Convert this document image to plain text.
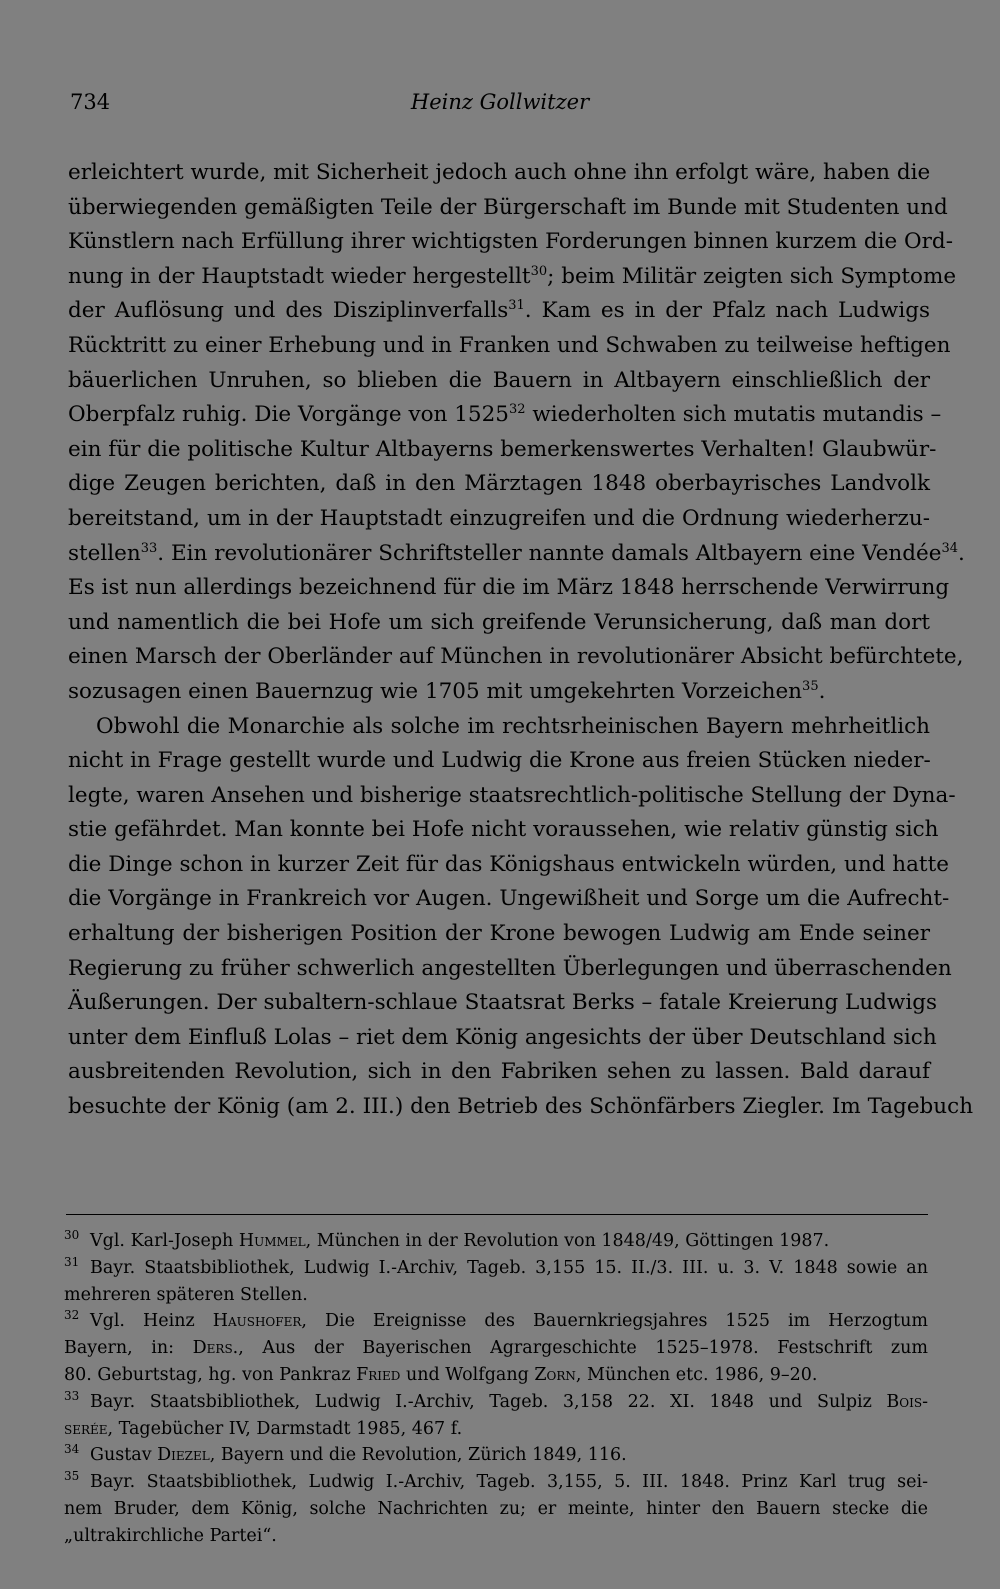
734	Heinz Gollwitzer
erleichtert wurde, mit Sicherheit jedoch auch ohne ihn erfolgt wäre, haben die
überwiegenden gemäßigten Teile der Bürgerschaft im Bunde mit Studenten und
Künstlern nach Erfüllung ihrer wichtigsten Forderungen binnen kurzem die Ord-
nung in der Hauptstadt wieder hergestellt$^{30}$; beim Militär zeigten sich Symptome
der Auflösung und des Disziplinverfalls$^{31}$. Kam es in der Pfalz nach Ludwigs
Rücktritt zu einer Erhebung und in Franken und Schwaben zu teilweise heftigen
bäuerlichen Unruhen, so blieben die Bauern in Altbayern einschließlich der
Oberpfalz ruhig. Die Vorgänge von 1525$^{32}$ wiederholten sich mutatis mutandis –
ein für die politische Kultur Altbayerns bemerkenswertes Verhalten! Glaubwür-
dige Zeugen berichten, daß in den Märztagen 1848 oberbayrisches Landvolk
bereitstand, um in der Hauptstadt einzugreifen und die Ordnung wiederherzu-
stellen$^{33}$. Ein revolutionärer Schriftsteller nannte damals Altbayern eine Vendée$^{34}$.
Es ist nun allerdings bezeichnend für die im März 1848 herrschende Verwirrung
und namentlich die bei Hofe um sich greifende Verunsicherung, daß man dort
einen Marsch der Oberländer auf München in revolutionärer Absicht befürchtete,
sozusagen einen Bauernzug wie 1705 mit umgekehrten Vorzeichen$^{35}$.
Obwohl die Monarchie als solche im rechtsrheinischen Bayern mehrheitlich
nicht in Frage gestellt wurde und Ludwig die Krone aus freien Stücken nieder-
legte, waren Ansehen und bisherige staatsrechtlich-politische Stellung der Dyna-
stie gefährdet. Man konnte bei Hofe nicht voraussehen, wie relativ günstig sich
die Dinge schon in kurzer Zeit für das Königshaus entwickeln würden, und hatte
die Vorgänge in Frankreich vor Augen. Ungewißheit und Sorge um die Aufrecht-
erhaltung der bisherigen Position der Krone bewogen Ludwig am Ende seiner
Regierung zu früher schwerlich angestellten Überlegungen und überraschenden
Äußerungen. Der subaltern-schlaue Staatsrat Berks – fatale Kreierung Ludwigs
unter dem Einfluß Lolas – riet dem König angesichts der über Deutschland sich
ausbreitenden Revolution, sich in den Fabriken sehen zu lassen. Bald darauf
besuchte der König (am 2. III.) den Betrieb des Schönfärbers Ziegler. Im Tagebuch
30 Vgl. Karl-Joseph Hummel, München in der Revolution von 1848/49, Göttingen 1987.
31 Bayr. Staatsbibliothek, Ludwig I.-Archiv, Tageb. 3,155 15. II./3. III. u. 3. V. 1848 sowie an
mehreren späteren Stellen.
32 Vgl. Heinz Haushofer, Die Ereignisse des Bauernkriegsjahres 1525 im Herzogtum
Bayern, in: Ders., Aus der Bayerischen Agrargeschichte 1525–1978. Festschrift zum
80. Geburtstag, hg. von Pankraz Fried und Wolfgang Zorn, München etc. 1986, 9–20.
33 Bayr. Staatsbibliothek, Ludwig I.-Archiv, Tageb. 3,158 22. XI. 1848 und Sulpiz Bois-
serée, Tagebücher IV, Darmstadt 1985, 467 f.
34 Gustav Diezel, Bayern und die Revolution, Zürich 1849, 116.
35 Bayr. Staatsbibliothek, Ludwig I.-Archiv, Tageb. 3,155, 5. III. 1848. Prinz Karl trug sei-
nem Bruder, dem König, solche Nachrichten zu; er meinte, hinter den Bauern stecke die
„ultrakirchliche Partei“.
